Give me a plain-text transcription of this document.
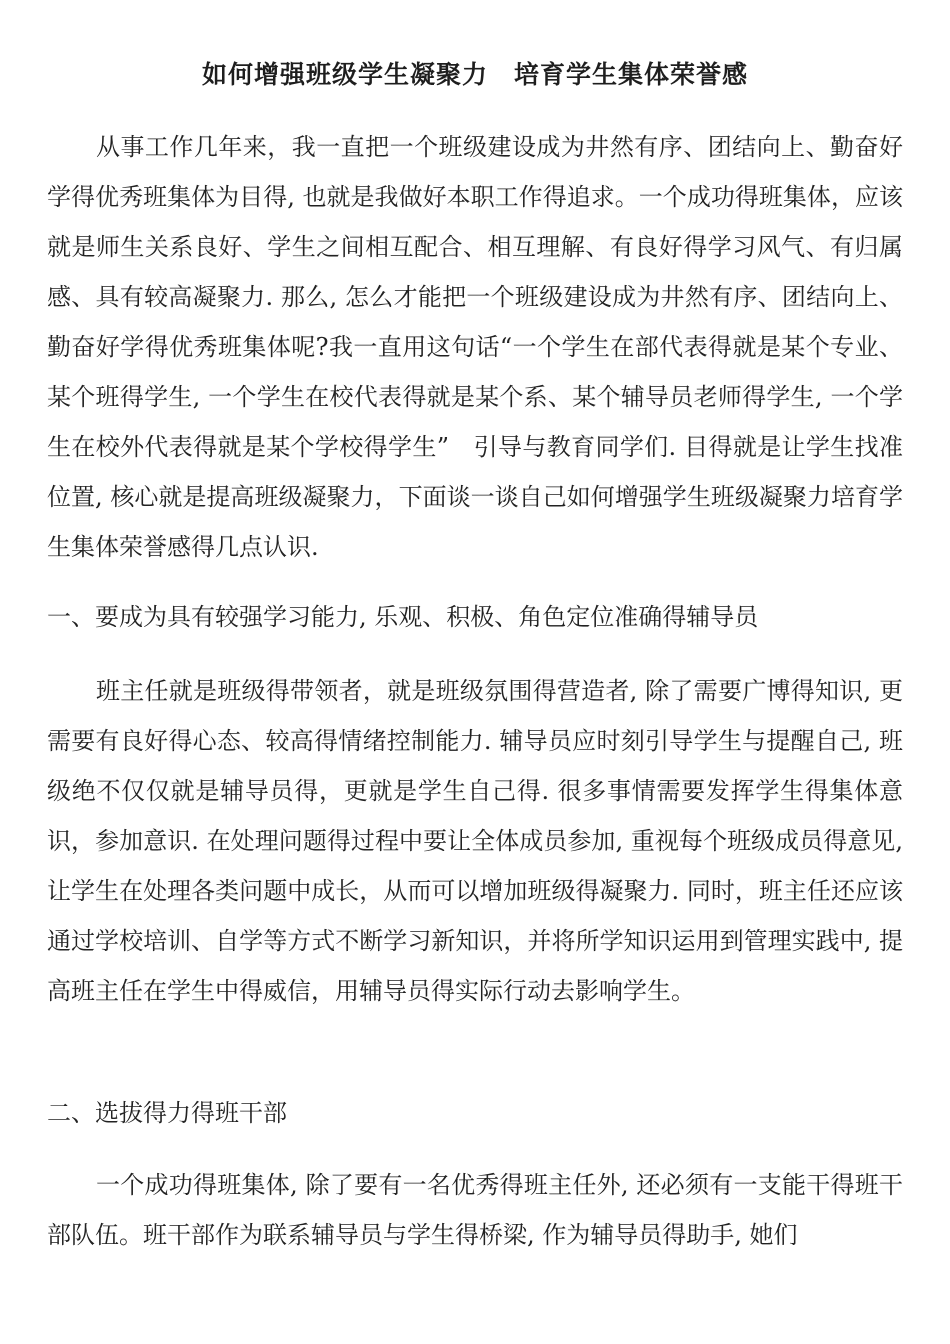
如何增强班级学生凝聚力　培育学生集体荣誉感

从事工作几年来，我一直把一个班级建设成为井然有序、团结向上、勤奋好学得优秀班集体为目得, 也就是我做好本职工作得追求。一个成功得班集体，应该就是师生关系良好、学生之间相互配合、相互理解、有良好得学习风气、有归属感、具有较高凝聚力. 那么, 怎么才能把一个班级建设成为井然有序、团结向上、勤奋好学得优秀班集体呢?我一直用这句话“一个学生在部代表得就是某个专业、某个班得学生, 一个学生在校代表得就是某个系、某个辅导员老师得学生, 一个学生在校外代表得就是某个学校得学生”　引导与教育同学们. 目得就是让学生找准位置, 核心就是提高班级凝聚力，下面谈一谈自己如何增强学生班级凝聚力培育学生集体荣誉感得几点认识.

一、要成为具有较强学习能力, 乐观、积极、角色定位准确得辅导员

班主任就是班级得带领者，就是班级氛围得营造者, 除了需要广博得知识, 更需要有良好得心态、较高得情绪控制能力. 辅导员应时刻引导学生与提醒自己, 班级绝不仅仅就是辅导员得，更就是学生自己得. 很多事情需要发挥学生得集体意识，参加意识. 在处理问题得过程中要让全体成员参加, 重视每个班级成员得意见, 让学生在处理各类问题中成长，从而可以增加班级得凝聚力. 同时，班主任还应该通过学校培训、自学等方式不断学习新知识，并将所学知识运用到管理实践中, 提高班主任在学生中得威信，用辅导员得实际行动去影响学生。

二、选拔得力得班干部

一个成功得班集体, 除了要有一名优秀得班主任外, 还必须有一支能干得班干部队伍。班干部作为联系辅导员与学生得桥梁, 作为辅导员得助手, 她们
